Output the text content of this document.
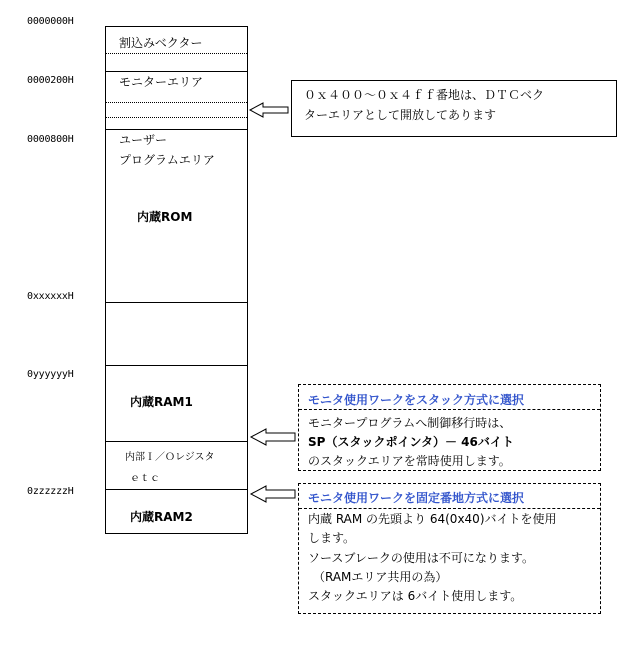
0000000H
0000200H
0000800H
0xxxxxxH
0yyyyyyH
0zzzzzzH
割込みベクター
モニターエリア
ユーザー
プログラムエリア
内蔵ROM
内蔵RAM1
内部Ｉ／Ｏレジスタ
ｅｔｃ
内蔵RAM2
０ｘ４００～０ｘ４ｆｆ番地は、ＤＴＣベク
ターエリアとして開放してあります
モニタ使用ワークをスタック方式に選択
モニタープログラムへ制御移行時は、
SP（スタックポインタ）－ 46バイト
のスタックエリアを常時使用します。
モニタ使用ワークを固定番地方式に選択
内蔵 RAM の先頭より 64(0x40)バイトを使用
します。
ソースブレークの使用は不可になります。
（RAMエリア共用の為）
スタックエリアは 6バイト使用します。
